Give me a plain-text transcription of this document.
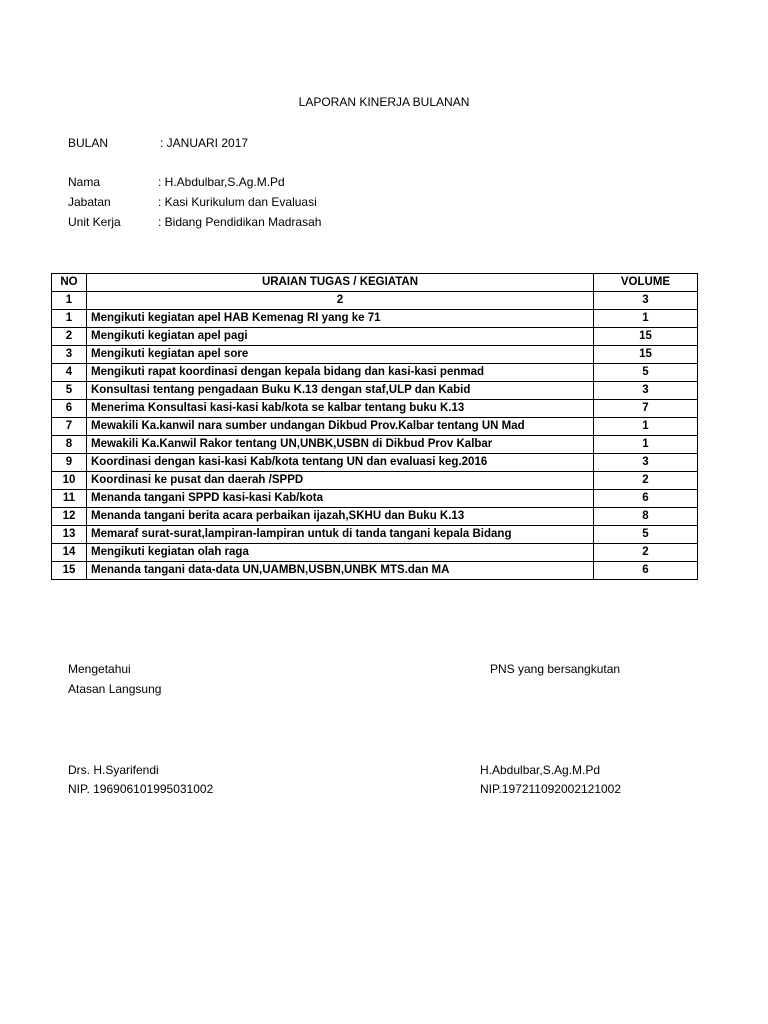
LAPORAN KINERJA BULANAN
BULAN	: JANUARI 2017
Nama	: H.Abdulbar,S.Ag.M.Pd
Jabatan	: Kasi Kurikulum dan Evaluasi
Unit Kerja	: Bidang Pendidikan Madrasah
NO	URAIAN TUGAS / KEGIATAN	VOLUME
1	2	3
1	Mengikuti kegiatan apel HAB Kemenag RI yang ke 71	1
2	Mengikuti kegiatan apel pagi	15
3	Mengikuti kegiatan apel sore	15
4	Mengikuti rapat koordinasi dengan kepala bidang dan kasi-kasi penmad	5
5	Konsultasi tentang pengadaan Buku K.13 dengan staf,ULP dan Kabid	3
6	Menerima Konsultasi kasi-kasi kab/kota se kalbar tentang buku K.13	7
7	Mewakili Ka.kanwil nara sumber undangan Dikbud Prov.Kalbar tentang UN Mad	1
8	Mewakili Ka.Kanwil Rakor tentang UN,UNBK,USBN di Dikbud Prov Kalbar	1
9	Koordinasi dengan kasi-kasi Kab/kota tentang UN dan evaluasi keg.2016	3
10	Koordinasi ke pusat dan daerah /SPPD	2
11	Menanda tangani SPPD kasi-kasi Kab/kota	6
12	Menanda tangani berita acara perbaikan ijazah,SKHU dan Buku K.13	8
13	Memaraf surat-surat,lampiran-lampiran untuk di tanda tangani kepala Bidang	5
14	Mengikuti kegiatan olah raga	2
15	Menanda tangani data-data UN,UAMBN,USBN,UNBK MTS.dan MA	6
Mengetahui
Atasan Langsung
PNS yang bersangkutan
Drs. H.Syarifendi
NIP. 196906101995031002
H.Abdulbar,S.Ag.M.Pd
NIP.197211092002121002
